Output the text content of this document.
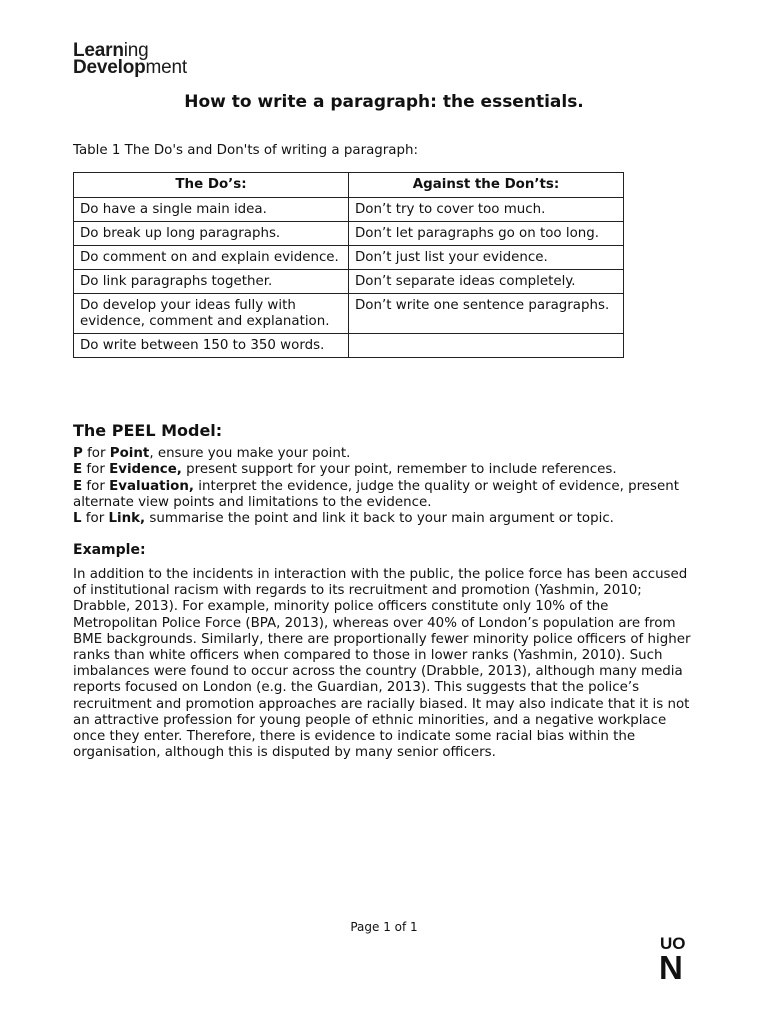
Learning
Development
How to write a paragraph: the essentials.
Table 1 The Do's and Don'ts of writing a paragraph:
The Do’s:	Against the Don’ts:
Do have a single main idea.	Don’t try to cover too much.
Do break up long paragraphs.	Don’t let paragraphs go on too long.
Do comment on and explain evidence.	Don’t just list your evidence.
Do link paragraphs together.	Don’t separate ideas completely.
Do develop your ideas fully with evidence, comment and explanation.	Don’t write one sentence paragraphs.
Do write between 150 to 350 words.	
The PEEL Model:

P for Point, ensure you make your point.

E for Evidence, present support for your point, remember to include references.

E for Evaluation, interpret the evidence, judge the quality or weight of evidence, present alternate view points and limitations to the evidence.

L for Link, summarise the point and link it back to your main argument or topic.

Example:

In addition to the incidents in interaction with the public, the police force has been accused of institutional racism with regards to its recruitment and promotion (Yashmin, 2010; Drabble, 2013). For example, minority police officers constitute only 10% of the Metropolitan Police Force (BPA, 2013), whereas over 40% of London’s population are from BME backgrounds. Similarly, there are proportionally fewer minority police officers of higher ranks than white officers when compared to those in lower ranks (Yashmin, 2010). Such imbalances were found to occur across the country (Drabble, 2013), although many media reports focused on London (e.g. the Guardian, 2013). This suggests that the police’s recruitment and promotion approaches are racially biased. It may also indicate that it is not an attractive profession for young people of ethnic minorities, and a negative workplace once they enter. Therefore, there is evidence to indicate some racial bias within the organisation, although this is disputed by many senior officers.

Page 1 of 1
UO
N
